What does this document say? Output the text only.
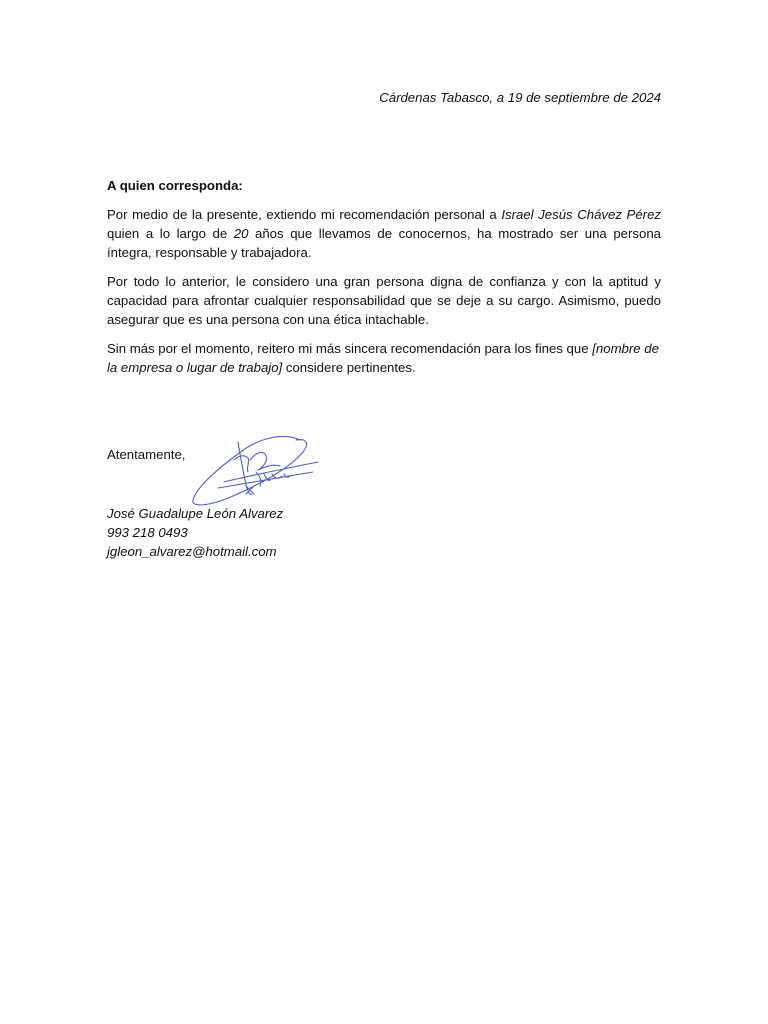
Cárdenas Tabasco, a 19 de septiembre de 2024

A quien corresponda:

Por medio de la presente, extiendo mi recomendación personal a Israel Jesús Chávez Pérez quien a lo largo de 20 años que llevamos de conocernos, ha mostrado ser una persona íntegra, responsable y trabajadora.

Por todo lo anterior, le considero una gran persona digna de confianza y con la aptitud y capacidad para afrontar cualquier responsabilidad que se deje a su cargo. Asimismo, puedo asegurar que es una persona con una ética intachable.

Sin más por el momento, reitero mi más sincera recomendación para los fines que [nombre de la empresa o lugar de trabajo] considere pertinentes.

Atentamente,
José Guadalupe León Alvarez
993 218 0493
jgleon_alvarez@hotmail.com
